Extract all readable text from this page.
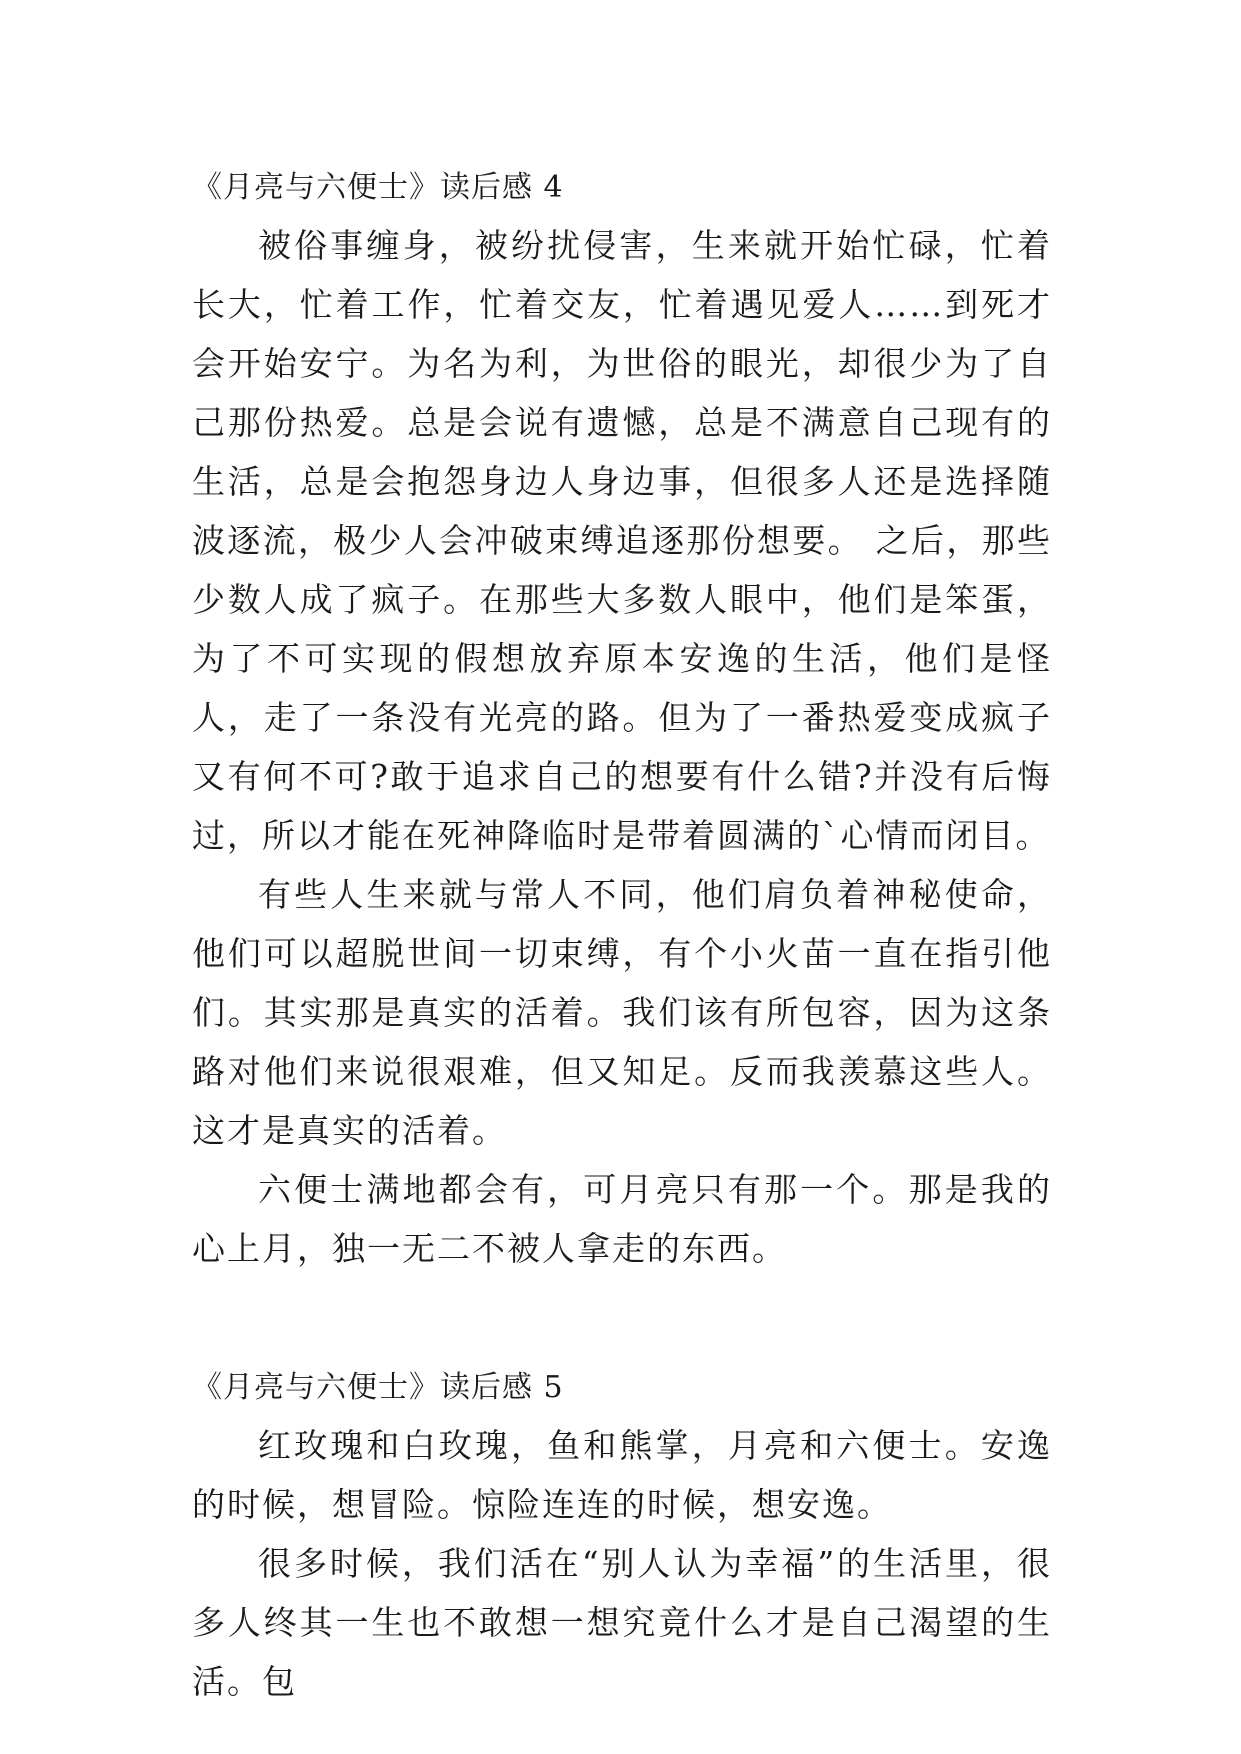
《月亮与六便士》读后感 4

被俗事缠身，被纷扰侵害，生来就开始忙碌，忙着长大，忙着工作，忙着交友，忙着遇见爱人……到死才会开始安宁。为名为利，为世俗的眼光，却很少为了自己那份热爱。总是会说有遗憾，总是不满意自己现有的生活，总是会抱怨身边人身边事，但很多人还是选择随波逐流，极少人会冲破束缚追逐那份想要。 之后，那些少数人成了疯子。在那些大多数人眼中，他们是笨蛋，为了不可实现的假想放弃原本安逸的生活，他们是怪人，走了一条没有光亮的路。但为了一番热爱变成疯子又有何不可?敢于追求自己的想要有什么错?并没有后悔过，所以才能在死神降临时是带着圆满的`心情而闭目。

有些人生来就与常人不同，他们肩负着神秘使命，他们可以超脱世间一切束缚，有个小火苗一直在指引他们。其实那是真实的活着。我们该有所包容，因为这条路对他们来说很艰难，但又知足。反而我羡慕这些人。这才是真实的活着。

六便士满地都会有，可月亮只有那一个。那是我的心上月，独一无二不被人拿走的东西。

《月亮与六便士》读后感 5

红玫瑰和白玫瑰，鱼和熊掌，月亮和六便士。安逸的时候，想冒险。惊险连连的时候，想安逸。

很多时候，我们活在“别人认为幸福”的生活里，很多人终其一生也不敢想一想究竟什么才是自己渴望的生活。包
